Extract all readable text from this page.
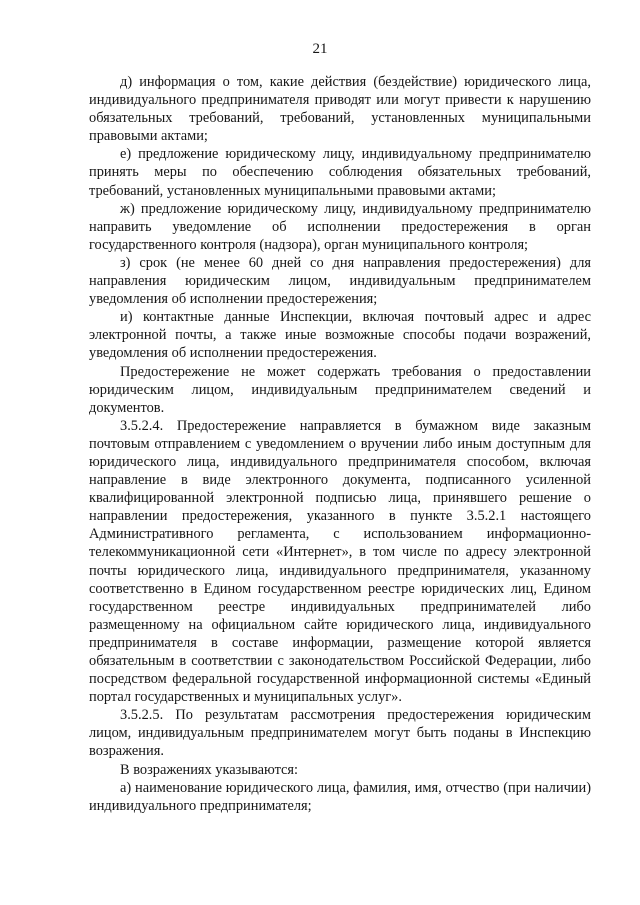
21

д) информация о том, какие действия (бездействие) юридического лица, индивидуального предпринимателя приводят или могут привести к нарушению обязательных требований, требований, установленных муниципальными правовыми актами;

е) предложение юридическому лицу, индивидуальному предпринимателю принять меры по обеспечению соблюдения обязательных требований, требований, установленных муниципальными правовыми актами;

ж) предложение юридическому лицу, индивидуальному предпринимателю направить уведомление об исполнении предостережения в орган государственного контроля (надзора), орган муниципального контроля;

з) срок (не менее 60 дней со дня направления предостережения) для направления юридическим лицом, индивидуальным предпринимателем уведомления об исполнении предостережения;

и) контактные данные Инспекции, включая почтовый адрес и адрес электронной почты, а также иные возможные способы подачи возражений, уведомления об исполнении предостережения.

Предостережение не может содержать требования о предоставлении юридическим лицом, индивидуальным предпринимателем сведений и документов.

3.5.2.4. Предостережение направляется в бумажном виде заказным почтовым отправлением с уведомлением о вручении либо иным доступным для юридического лица, индивидуального предпринимателя способом, включая направление в виде электронного документа, подписанного усиленной квалифицированной электронной подписью лица, принявшего решение о направлении предостережения, указанного в пункте 3.5.2.1 настоящего Административного регламента, с использованием информационно-телекоммуникационной сети «Интернет», в том числе по адресу электронной почты юридического лица, индивидуального предпринимателя, указанному соответственно в Едином государственном реестре юридических лиц, Едином государственном реестре индивидуальных предпринимателей либо размещенному на официальном сайте юридического лица, индивидуального предпринимателя в составе информации, размещение которой является обязательным в соответствии с законодательством Российской Федерации, либо посредством федеральной государственной информационной системы «Единый портал государственных и муниципальных услуг».

3.5.2.5. По результатам рассмотрения предостережения юридическим лицом, индивидуальным предпринимателем могут быть поданы в Инспекцию возражения.

В возражениях указываются:

а) наименование юридического лица, фамилия, имя, отчество (при наличии) индивидуального предпринимателя;
